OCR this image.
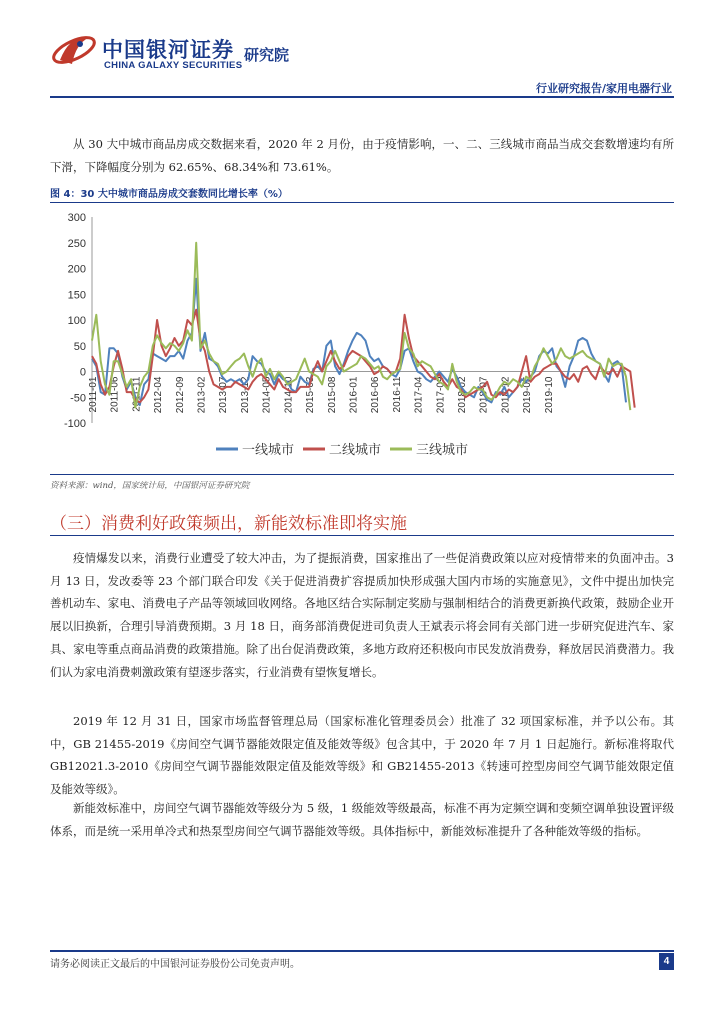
中国银河证券
CHINA GALAXY SECURITIES
研究院
行业研究报告/家用电器行业

从 30 大中城市商品房成交数据来看，2020 年 2 月份，由于疫情影响，一、二、三线城市商品当成交套数增速均有所下滑，下降幅度分别为 62.65%、68.34%和 73.61%。

图 4：30 大中城市商品房成交套数同比增长率（%）
300
250
200
150
100
50
0
-50
-100
2011-01 2011-06 2011-11 2012-04 2012-09 2013-02 2013-07 2013-12 2014-05 2014-10 2015-03 2015-08 2016-01 2016-06 2016-11 2017-04 2017-09 2018-02 2018-07 2018-12 2019-05 2019-10
一线城市	二线城市	三线城市
资料来源：wind，国家统计局，中国银河证券研究院
（三）消费利好政策频出，新能效标准即将实施

疫情爆发以来，消费行业遭受了较大冲击，为了提振消费，国家推出了一些促消费政策以应对疫情带来的负面冲击。3 月 13 日，发改委等 23 个部门联合印发《关于促进消费扩容提质加快形成强大国内市场的实施意见》，文件中提出加快完善机动车、家电、消费电子产品等领域回收网络。各地区结合实际制定奖励与强制相结合的消费更新换代政策，鼓励企业开展以旧换新，合理引导消费预期。3 月 18 日，商务部消费促进司负责人王斌表示将会同有关部门进一步研究促进汽车、家具、家电等重点商品消费的政策措施。除了出台促消费政策，多地方政府还积极向市民发放消费券，释放居民消费潜力。我们认为家电消费刺激政策有望逐步落实，行业消费有望恢复增长。

2019 年 12 月 31 日，国家市场监督管理总局（国家标准化管理委员会）批准了 32 项国家标准，并予以公布。其中，GB 21455-2019《房间空气调节器能效限定值及能效等级》包含其中，于 2020 年 7 月 1 日起施行。新标准将取代 GB12021.3-2010《房间空气调节器能效限定值及能效等级》和 GB21455-2013《转速可控型房间空气调节能效限定值及能效等级》。

新能效标准中，房间空气调节器能效等级分为 5 级，1 级能效等级最高，标准不再为定频空调和变频空调单独设置评级体系，而是统一采用单冷式和热泵型房间空气调节器能效等级。具体指标中，新能效标准提升了各种能效等级的指标。

请务必阅读正文最后的中国银河证券股份公司免责声明。	4
